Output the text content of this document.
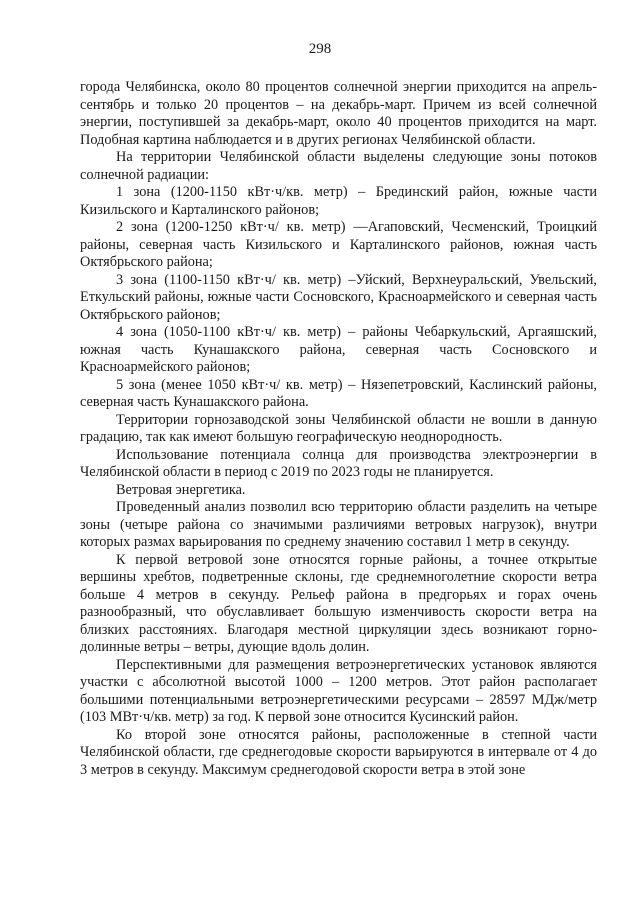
298

города Челябинска, около 80 процентов солнечной энергии приходится на апрель-сентябрь и только 20 процентов – на декабрь-март. Причем из всей солнечной энергии, поступившей за декабрь-март, около 40 процентов приходится на март. Подобная картина наблюдается и в других регионах Челябинской области.

На территории Челябинской области выделены следующие зоны потоков солнечной радиации:

1 зона (1200-1150 кВт·ч/кв. метр) – Брединский район, южные части Кизильского и Карталинского районов;

2 зона (1200-1250 кВт·ч/ кв. метр) —Агаповский, Чесменский, Троицкий районы, северная часть Кизильского и Карталинского районов, южная часть Октябрьского района;

3 зона (1100-1150 кВт·ч/ кв. метр) –Уйский, Верхнеуральский, Увельский, Еткульский районы, южные части Сосновского, Красноармейского и северная часть Октябрьского районов;

4 зона (1050-1100 кВт·ч/ кв. метр) – районы Чебаркульский, Аргаяшский, южная часть Кунашакского района, северная часть Сосновского и Красноармейского районов;

5 зона (менее 1050 кВт·ч/ кв. метр) – Нязепетровский, Каслинский районы, северная часть Кунашакского района.

Территории горнозаводской зоны Челябинской области не вошли в данную градацию, так как имеют большую географическую неоднородность.

Использование потенциала солнца для производства электроэнергии в Челябинской области в период с 2019 по 2023 годы не планируется.

Ветровая энергетика.

Проведенный анализ позволил всю территорию области разделить на четыре зоны (четыре района со значимыми различиями ветровых нагрузок), внутри которых размах варьирования по среднему значению составил 1 метр в секунду.

К первой ветровой зоне относятся горные районы, а точнее открытые вершины хребтов, подветренные склоны, где среднемноголетние скорости ветра больше 4 метров в секунду. Рельеф района в предгорьях и горах очень разнообразный, что обуславливает большую изменчивость скорости ветра на близких расстояниях. Благодаря местной циркуляции здесь возникают горно-долинные ветры – ветры, дующие вдоль долин.

Перспективными для размещения ветроэнергетических установок являются участки с абсолютной высотой 1000 – 1200 метров. Этот район располагает большими потенциальными ветроэнергетическими ресурсами – 28597 МДж/метр (103 МВт·ч/кв. метр) за год. К первой зоне относится Кусинский район.

Ко второй зоне относятся районы, расположенные в степной части Челябинской области, где среднегодовые скорости варьируются в интервале от 4 до 3 метров в секунду. Максимум среднегодовой скорости ветра в этой зоне
